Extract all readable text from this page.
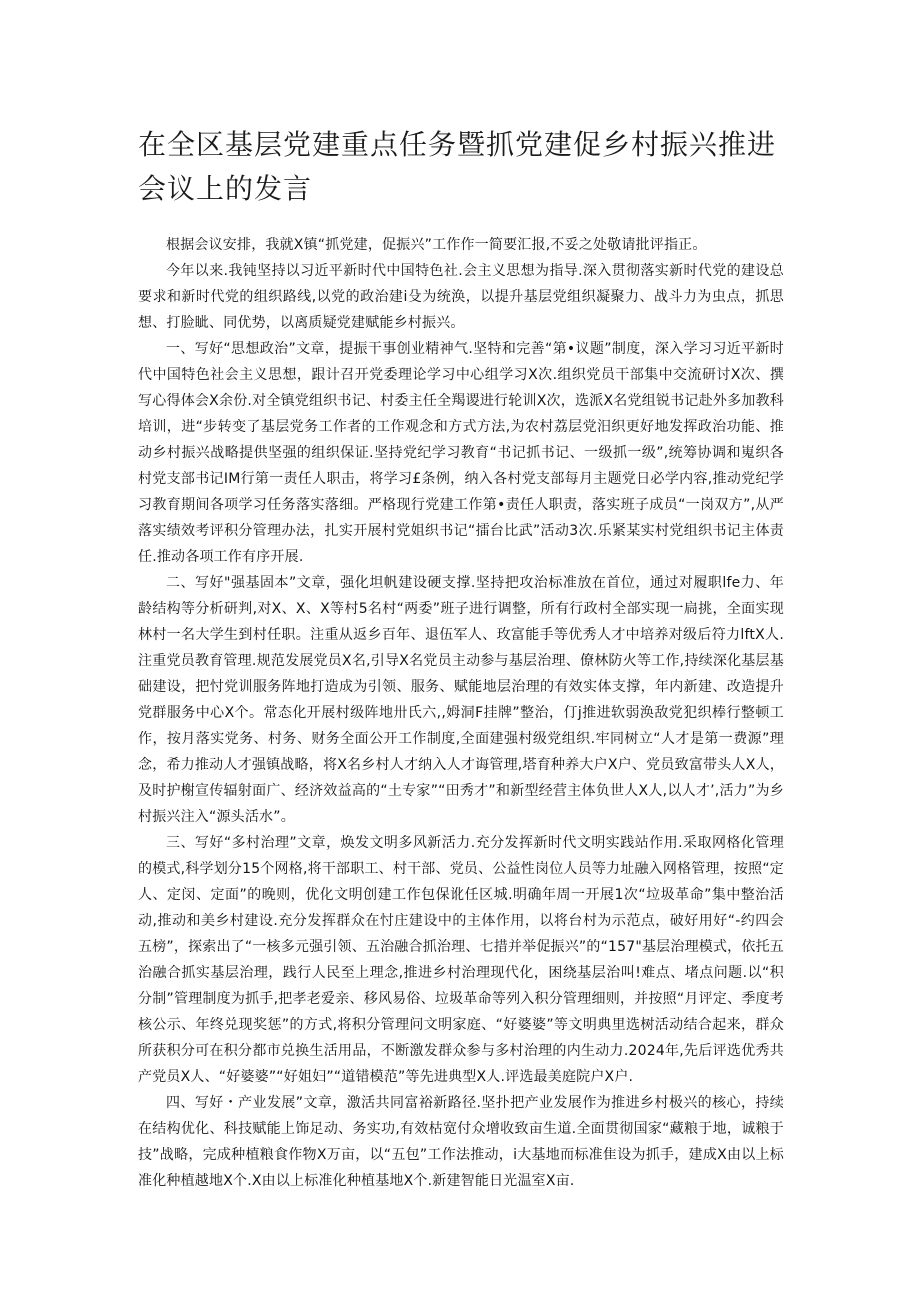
在全区基层党建重点任务暨抓党建促乡村振兴推进会议上的发言

根据会议安排，我就X镇“抓党建，促振兴”工作作一简要汇报,不妥之处敬请批评指正。

今年以来.我钝坚持以习近平新时代中国特色社.会主义思想为指导.深入贯彻落实新时代党的建设总要求和新时代党的组织路线,以党的政治建i殳为统涣，以提升基层党组织凝聚力、战斗力为虫点，抓思想、打脸眦、同优势，以离质疑党建赋能乡村振兴。

一、写好“思想政治”文章，提振干事创业精神气.坚特和完善“第•议题”制度，深入学习习近平新时代中国特色社会主义思想，跟计召开党委理论学习中心组学习X次.组织党员干部集中交流研讨X次、撰写心得体会X余份.对全镇党组织书记、村委主任全羯谡进行轮训X次，选派X名党组锐书记赴外多加教科培训，进“步转变了基层党务工作者的工作观念和方式方法,为农村荔层党汨织更好地发挥政治功能、推动乡村振兴战略提供坚强的组织保证.坚持党纪学习教育“书记抓书记、一级抓一级”,统筹协调和嵬织各村党支部书记IM行第一责任人职击，将学习£条例，纳入各村党支部每月主题党日必学内容,推动党纪学习教育期间各项学习任务落实落细。严格现行党建工作第•责任人职责，落实班子成员“一岗双方”,从严落实绩效考评积分管理办法，扎实开展村党姐织书记“擂台比武”活动3次.乐紧某实村党组织书记主体责任.推动各项工作有序开展.

二、写好"强基固本”文章，强化坦帆建设硬支撑.坚持把攻治标准放在首位，通过对履职lfe力、年龄结构等分析研判,对X、X、X等村5名村“两委”班子进行调整，所有行政村全部实现一扃挑，全面实现林村一名大学生到村任职。注重从返乡百年、退伍军人、玫富能手等优秀人才中培养对级后符力lftX人.注重党员教育管理.规范发展党员X名,引导X名党员主动参与基层治理、僚林防火等工作,持续深化基层基础建设，把忖党训服务阵地打造成为引领、服务、赋能地层治理的有效实体支撑，年内新建、改造提升党群服务中心X个。常态化开展村级阵地卅氏六,,姆洞F挂牌”整治，仃j推进软弱涣敌党犯织棒行整顿工作，按月落实党务、村务、财务全面公开工作制度,全面建强村级党组织.牢同树立“人才是第一费源”理念，希力推动人才强镇战略，将X名乡村人才纳入人才诲管理,塔育种养大户X户、党员致富带头人X人，及时护榭宣传辐射面广、经济效益高的“土专家”“田秀才”和新型经营主体负世人X人,以人才’,活力”为乡村振兴注入“源头活水”。

三、写好“多村治理”文章，焕发文明多风新活力.充分发挥新时代文明实践站作用.采取网格化管理的模式,科学划分15个网格,将干部职工、村干部、党员、公益性岗位人员等力址融入网格管理，按照“定人、定闵、定面”的晚则，优化文明创建工作包保讹任区城.明确年周一开展1次“垃圾革命”集中整治活动,推动和美乡村建设.充分发挥群众在忖庄建设中的主体作用，以将台村为示范点，破好用好“-约四会五榜”，探索出了“一核多元强引领、五治融合抓治理、七措并举促振兴”的“157"基层治理模式，依托五治融合抓实基层治理，践行人民至上理念,推进乡村治理现代化，困绕基层治叫!难点、堵点问题.以“积分制”管理制度为抓手,把孝老爱亲、移风易俗、垃圾革命等列入积分管理细则，并按照“月评定、季度考核公示、年终兑现奖惩”的方式,将积分管理问文明家庭、“好婆婆”等文明典里选树活动结合起来，群众所获积分可在积分都市兑换生活用品，不断激发群众参与多村治理的内生动力.2024年,先后评选优秀共产党员X人、“好婆婆”“好姐妇”“道错模范”等先进典型X人.评选最美庭院户X户.

四、写好・产业发展”文章，激活共同富裕新路径.坚扑把产业发展作为推进乡村极兴的核心，持续在结构优化、科技赋能上饰足动、务实功,有效枯宽付众增收致亩生道.全面贯彻国家“藏粮于地，诚粮于技”战略，完成种植粮食作物X万亩，以“五包”工作法推动，i大基地而标准隹设为抓手，建成X由以上标准化种植越地X个.X由以上标准化种植基地X个.新建智能日光温室X亩.
